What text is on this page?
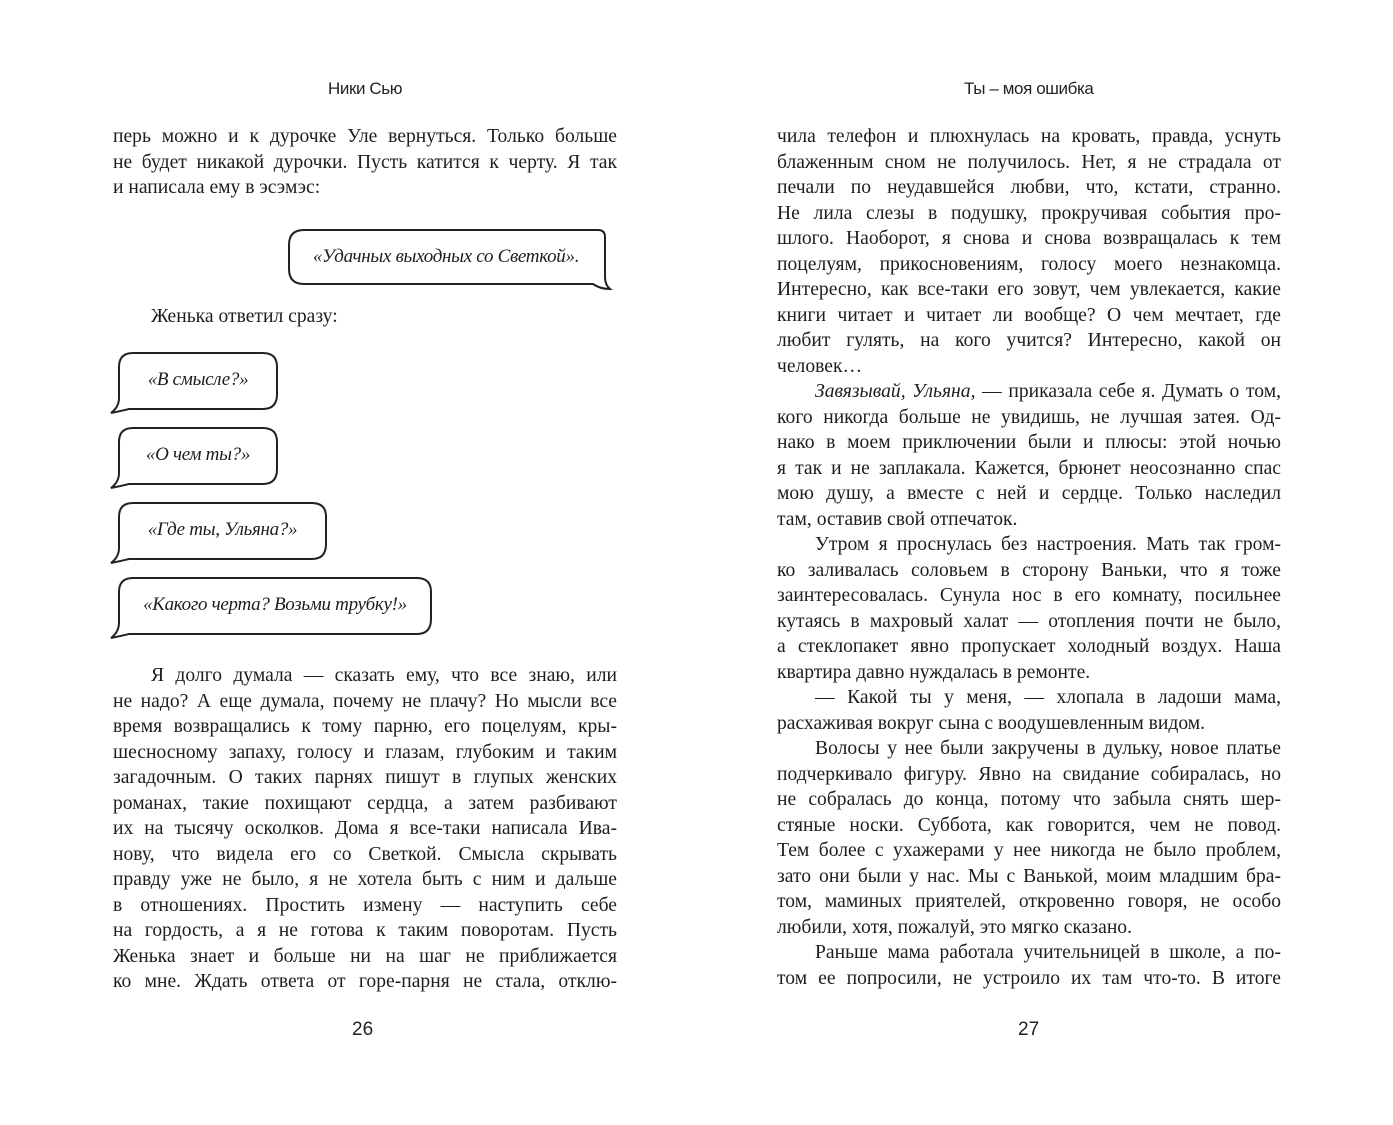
Ники Сью
перь можно и к дурочке Уле вернуться. Только больше
не будет никакой дурочки. Пусть катится к черту. Я так
и написала ему в эсэмэс:
«Удачных выходных со Светкой».
Женька ответил сразу:
«В смысле?»
«О чем ты?»
«Где ты, Ульяна?»
«Какого черта? Возьми трубку!»
Я долго думала — сказать ему, что все знаю, или
не надо? А еще думала, почему не плачу? Но мысли все
время возвращались к тому парню, его поцелуям, кры-
шесносному запаху, голосу и глазам, глубоким и таким
загадочным. О таких парнях пишут в глупых женских
романах, такие похищают сердца, а затем разбивают
их на тысячу осколков. Дома я все-таки написала Ива-
нову, что видела его со Светкой. Смысла скрывать
правду уже не было, я не хотела быть с ним и дальше
в отношениях. Простить измену — наступить себе
на гордость, а я не готова к таким поворотам. Пусть
Женька знает и больше ни на шаг не приближается
ко мне. Ждать ответа от горе-парня не стала, отклю-
26
Ты – моя ошибка
чила телефон и плюхнулась на кровать, правда, уснуть
блаженным сном не получилось. Нет, я не страдала от
печали по неудавшейся любви, что, кстати, странно.
Не лила слезы в подушку, прокручивая события про-
шлого. Наоборот, я снова и снова возвращалась к тем
поцелуям, прикосновениям, голосу моего незнакомца.
Интересно, как все-таки его зовут, чем увлекается, какие
книги читает и читает ли вообще? О чем мечтает, где
любит гулять, на кого учится? Интересно, какой он
человек…
Завязывай, Ульяна, — приказала себе я. Думать о том,
кого никогда больше не увидишь, не лучшая затея. Од-
нако в моем приключении были и плюсы: этой ночью
я так и не заплакала. Кажется, брюнет неосознанно спас
мою душу, а вместе с ней и сердце. Только наследил
там, оставив свой отпечаток.
Утром я проснулась без настроения. Мать так гром-
ко заливалась соловьем в сторону Ваньки, что я тоже
заинтересовалась. Сунула нос в его комнату, посильнее
кутаясь в махровый халат — отопления почти не было,
а стеклопакет явно пропускает холодный воздух. Наша
квартира давно нуждалась в ремонте.
— Какой ты у меня, — хлопала в ладоши мама,
расхаживая вокруг сына с воодушевленным видом.
Волосы у нее были закручены в дульку, новое платье
подчеркивало фигуру. Явно на свидание собиралась, но
не собралась до конца, потому что забыла снять шер-
стяные носки. Суббота, как говорится, чем не повод.
Тем более с ухажерами у нее никогда не было проблем,
зато они были у нас. Мы с Ванькой, моим младшим бра-
том, маминых приятелей, откровенно говоря, не особо
любили, хотя, пожалуй, это мягко сказано.
Раньше мама работала учительницей в школе, а по-
том ее попросили, не устроило их там что-то. В итоге
27
